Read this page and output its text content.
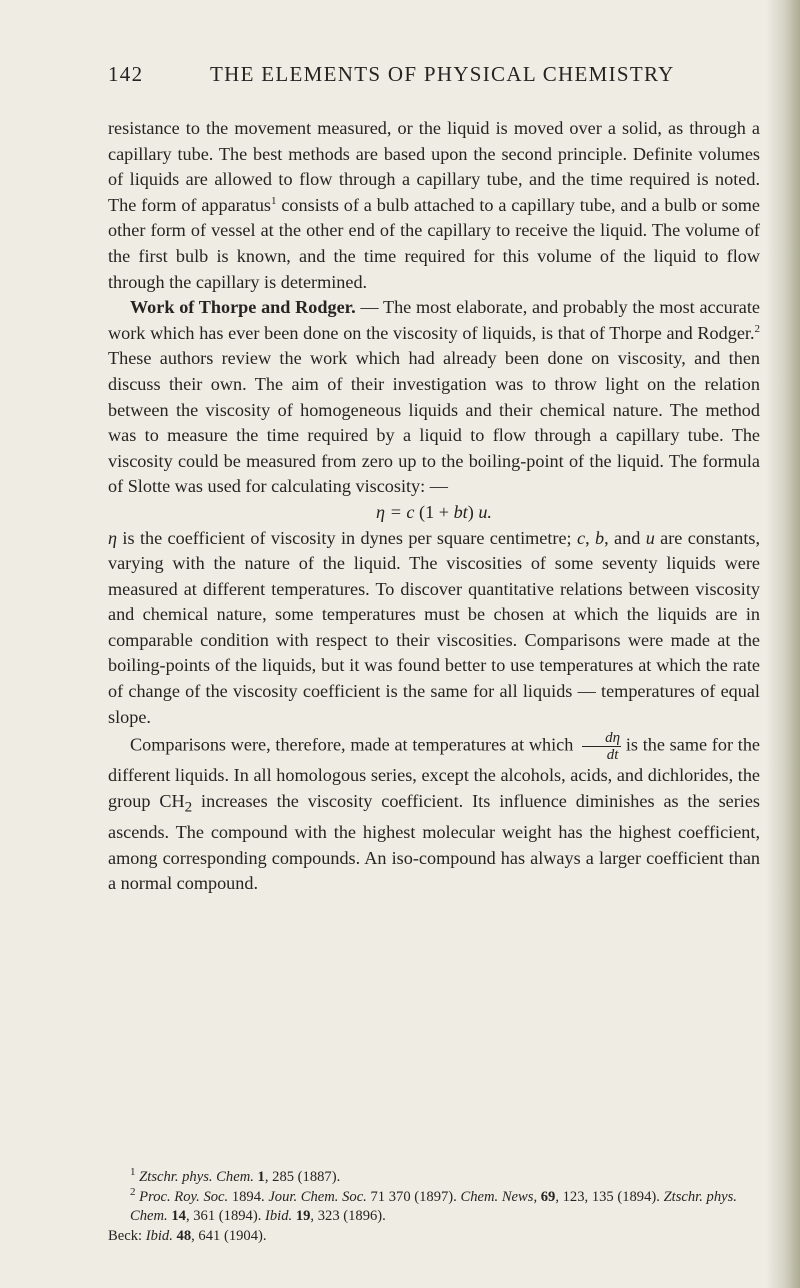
142	THE ELEMENTS OF PHYSICAL CHEMISTRY

resistance to the movement measured, or the liquid is moved over a solid, as through a capillary tube. The best methods are based upon the second principle. Definite volumes of liquids are allowed to flow through a capillary tube, and the time required is noted. The form of apparatus$^1$ consists of a bulb attached to a capillary tube, and a bulb or some other form of vessel at the other end of the capillary to receive the liquid. The volume of the first bulb is known, and the time required for this volume of the liquid to flow through the capillary is determined.

Work of Thorpe and Rodger. — The most elaborate, and probably the most accurate work which has ever been done on the viscosity of liquids, is that of Thorpe and Rodger.$^2$ These authors review the work which had already been done on viscosity, and then discuss their own. The aim of their investigation was to throw light on the relation between the viscosity of homogeneous liquids and their chemical nature. The method was to measure the time required by a liquid to flow through a capillary tube. The viscosity could be measured from zero up to the boiling-point of the liquid. The formula of Slotte was used for calculating viscosity: —

η = c (1 + bt) u.

η is the coefficient of viscosity in dynes per square centimetre; c, b, and u are constants, varying with the nature of the liquid. The viscosities of some seventy liquids were measured at different temperatures. To discover quantitative relations between viscosity and chemical nature, some temperatures must be chosen at which the liquids are in comparable condition with respect to their viscosities. Comparisons were made at the boiling-points of the liquids, but it was found better to use temperatures at which the rate of change of the viscosity coefficient is the same for all liquids — temperatures of equal slope.

Comparisons were, therefore, made at temperatures at which $\frac{d\eta}{dt}$ is the same for the different liquids. In all homologous series, except the alcohols, acids, and dichlorides, the group $CH_2$ increases the viscosity coefficient. Its influence diminishes as the series ascends. The compound with the highest molecular weight has the highest coefficient, among corresponding compounds. An iso-compound has always a larger coefficient than a normal compound.

$^1$ Ztschr. phys. Chem. 1, 285 (1887).

$^2$ Proc. Roy. Soc. 1894. Jour. Chem. Soc. 71 370 (1897). Chem. News, 69, 123, 135 (1894). Ztschr. phys. Chem. 14, 361 (1894). Ibid. 19, 323 (1896).

Beck: Ibid. 48, 641 (1904).
